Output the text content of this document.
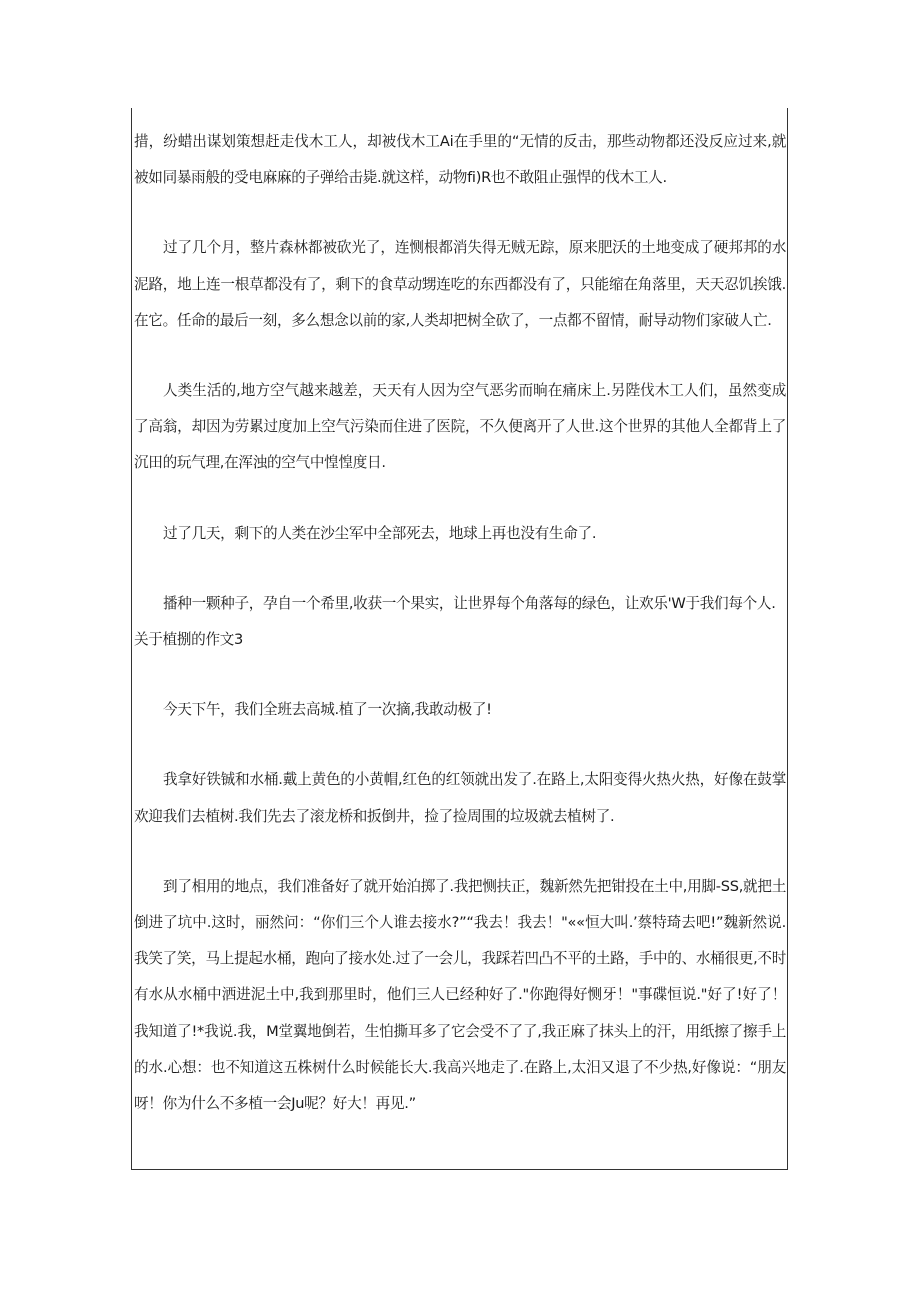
措，纷蜡出谋划策想赶走伐木工人，却被伐木工Ai在手里的“无情的反击，那些动物都还没反应过来,就被如同暴雨般的受电麻麻的子弹给击毙.就这样，动物fi)R也不敢阻止强悍的伐木工人.

过了几个月，整片森林都被砍光了，连恻根都消失得无贼无踪，原来肥沃的土地变成了硬邦邦的水泥路，地上连一根草都没有了，剩下的食草动甥连吃的东西都没有了，只能缩在角落里，天天忍饥挨饿.在它。任命的最后一刻，多么想念以前的家,人类却把树全砍了，一点都不留情，耐导动物们家破人亡.

人类生活的,地方空气越来越差，天天有人因为空气恶劣而晌在痛床上.另陛伐木工人们，虽然变成了高翁，却因为劳累过度加上空气污染而住进了医院，不久便离开了人世.这个世界的其他人全都背上了沉田的玩气理,在浑浊的空气中惶惶度日.

过了几天，剩下的人类在沙尘军中全部死去，地球上再也没有生命了.

播种一颗种子，孕自一个希里,收获一个果实，让世界每个角落每的绿色，让欢乐'W于我们每个人.

关于植捌的作文3

今天下午，我们全班去高城.植了一次摘,我敢动极了!

我拿好铁铖和水桶.戴上黄色的小黄帽,红色的红领就出发了.在路上,太阳变得火热火热，好像在鼓掌欢迎我们去植树.我们先去了滚龙桥和扳倒井，捡了捡周围的垃圾就去植树了.

到了相用的地点，我们准备好了就开始泊掷了.我把恻扶正，魏新然先把钳投在土中,用脚-SS,就把土倒进了坑中.这时，丽然问：“你们三个人谁去接水?”“我去！我去！"««恒大叫.’蔡特琦去吧!”魏新然说.我笑了笑，马上提起水桶，跑向了接水处.过了一会儿，我踩若凹凸不平的土路，手中的、水桶很更,不时有水从水桶中洒进泥土中,我到那里时，他们三人已经种好了."你跑得好恻牙！"事碟恒说."好了!好了！我知道了!*我说.我，M堂翼地倒若，生怕撕耳多了它会受不了了,我正麻了抹头上的汗，用纸擦了擦手上的水.心想：也不知道这五株树什么时候能长大.我高兴地走了.在路上,太汨又退了不少热,好像说：“朋友呀！你为什么不多植一会Ju呢？好大！再见.”
